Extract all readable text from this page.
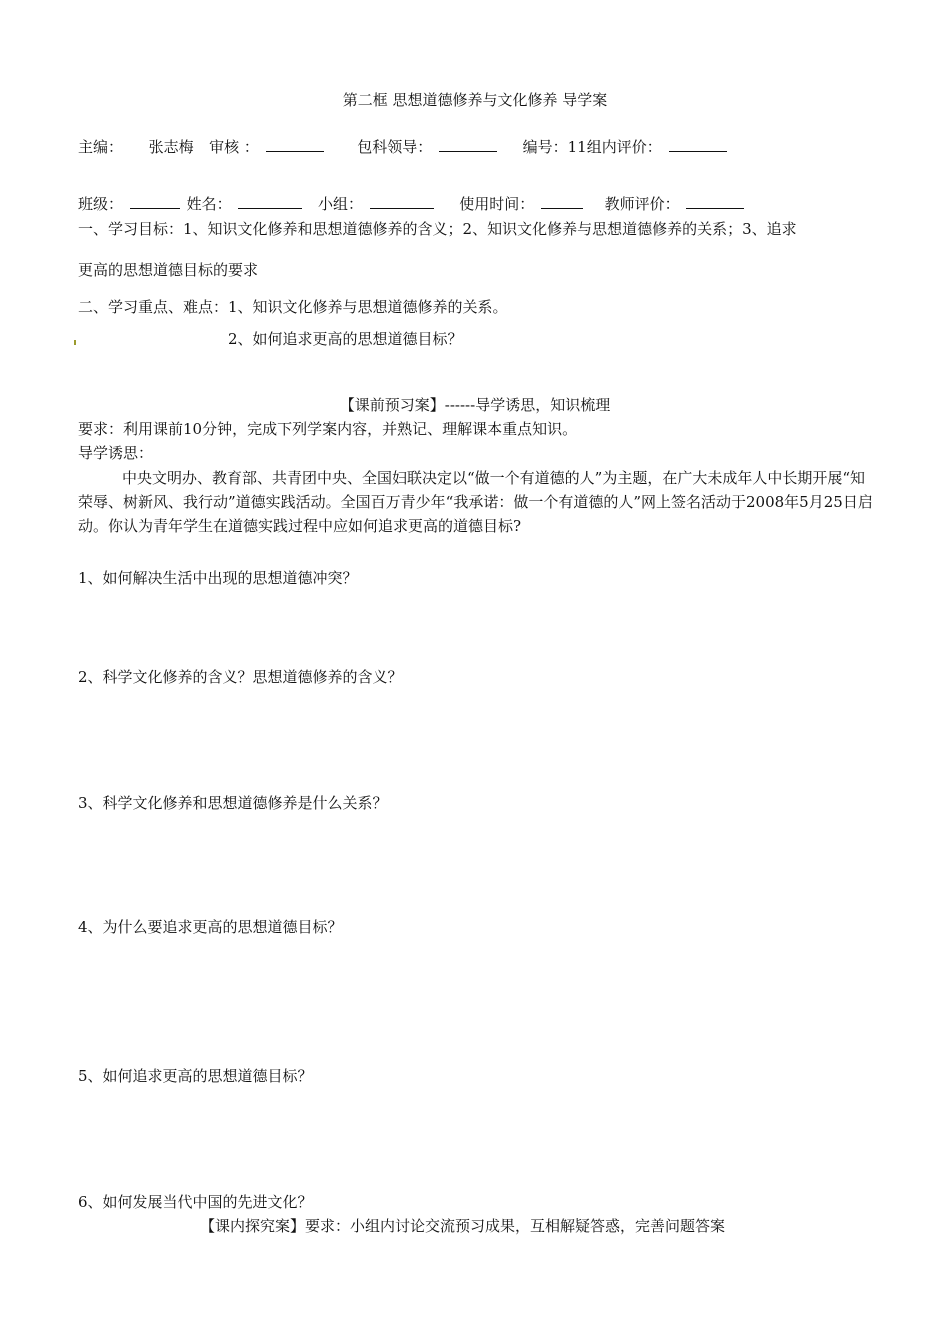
第二框 思想道德修养与文化修养 导学案
主编： 张志梅 审核 ：	包科领导：	编号：11组内评价：
班级：	姓名：	小组：	使用时间：	教师评价：
一、学习目标：1、知识文化修养和思想道德修养的含义；2、知识文化修养与思想道德修养的关系；3、追求
更高的思想道德目标的要求
二、学习重点、难点：1、知识文化修养与思想道德修养的关系。
2、如何追求更高的思想道德目标？
【课前预习案】------导学诱思，知识梳理
要求：利用课前10分钟，完成下列学案内容，并熟记、理解课本重点知识。
导学诱思：
中央文明办、教育部、共青团中央、全国妇联决定以“做一个有道德的人”为主题，在广大未成年人中长期开展“知荣辱、树新风、我行动”道德实践活动。全国百万青少年“我承诺：做一个有道德的人”网上签名活动于2008年5月25日启动。你认为青年学生在道德实践过程中应如何追求更高的道德目标?
1、如何解决生活中出现的思想道德冲突？
2、科学文化修养的含义？思想道德修养的含义？
3、科学文化修养和思想道德修养是什么关系？
4、为什么要追求更高的思想道德目标？
5、如何追求更高的思想道德目标？
6、如何发展当代中国的先进文化？
【课内探究案】要求：小组内讨论交流预习成果，互相解疑答惑，完善问题答案
